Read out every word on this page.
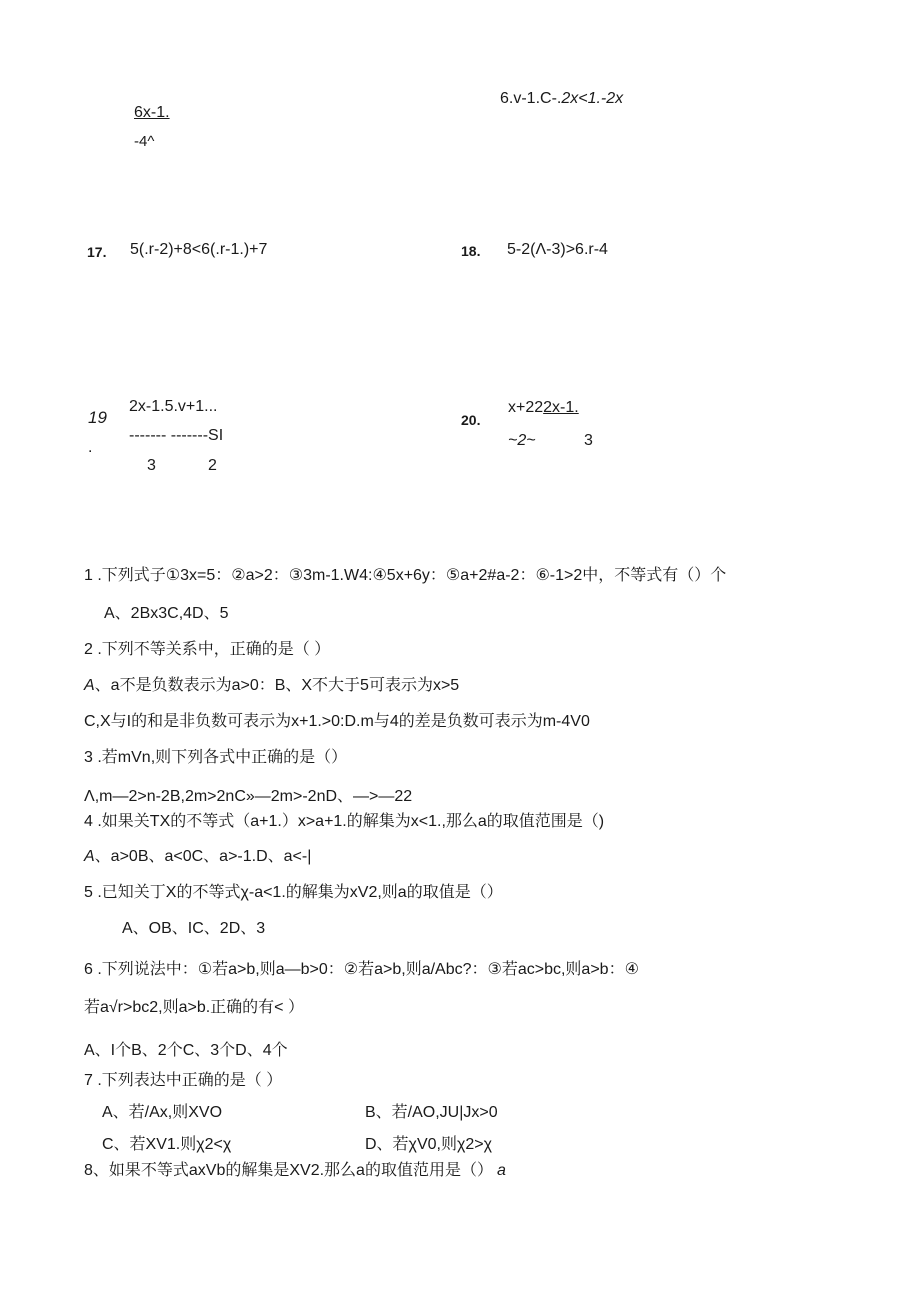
6x-1.
-4^
6.v-1.C-.2x<1.-2x
17. 5(.r-2)+8<6(.r-1.)+7	18. 5-2(Λ-3)>6.r-4
19
.
2x-1.5.v+1...
------- -------SI
3	2
20.
x+222x-1.
~2~	3
1 .下列式子①3x=5：②a>2：③3m-1.W4:④5x+6y：⑤a+2#a-2：⑥-1>2中，不等式有（）个
A、2Bx3C,4D、5
2 .下列不等关系中，正确的是（ ）
A、a不是负数表示为a>0：B、X不大于5可表示为x>5
C,X与I的和是非负数可表示为x+1.>0:D.m与4的差是负数可表示为m-4V0
3 .若mVn,则下列各式中正确的是（）
Λ,m—2>n-2B,2m>2nC»—2m>-2nD、—>—22
4 .如果关TX的不等式（a+1.）x>a+1.的解集为x<1.,那么a的取值范围是（)
A、a>0B、a<0C、a>-1.D、a<-|
5 .已知关丁X的不等式χ-a<1.的解集为xV2,则a的取值是（）
A、OB、IC、2D、3
6 .下列说法中：①若a>b,则a—b>0：②若a>b,则a/Abc?：③若ac>bc,则a>b：④
若a√r>bc2,则a>b.正确的有< ）
A、I个B、2个C、3个D、4个
7 .下列表达中正确的是（ ）
A、若/Ax,则XVO	B、若/AO,JU|Jx>0
C、若XV1.则χ2<χ	D、若χV0,则χ2>χ
8、如果不等式axVb的解集是XV2.那么a的取值范用是（） a
